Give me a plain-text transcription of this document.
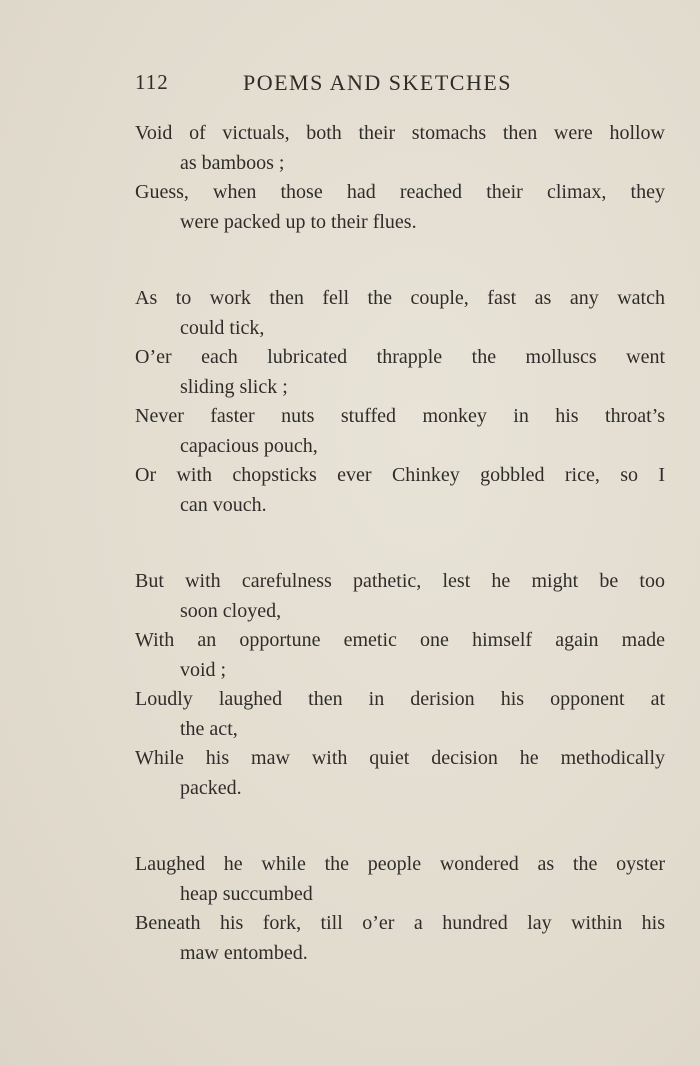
112	POEMS AND SKETCHES
Void of victuals, both their stomachs then were hollow
as bamboos ;
Guess, when those had reached their climax, they
were packed up to their flues.
As to work then fell the couple, fast as any watch
could tick,
O’er each lubricated thrapple the molluscs went
sliding slick ;
Never faster nuts stuffed monkey in his throat’s
capacious pouch,
Or with chopsticks ever Chinkey gobbled rice, so I
can vouch.
But with carefulness pathetic, lest he might be too
soon cloyed,
With an opportune emetic one himself again made
void ;
Loudly laughed then in derision his opponent at
the act,
While his maw with quiet decision he methodically
packed.
Laughed he while the people wondered as the oyster
heap succumbed
Beneath his fork, till o’er a hundred lay within his
maw entombed.
